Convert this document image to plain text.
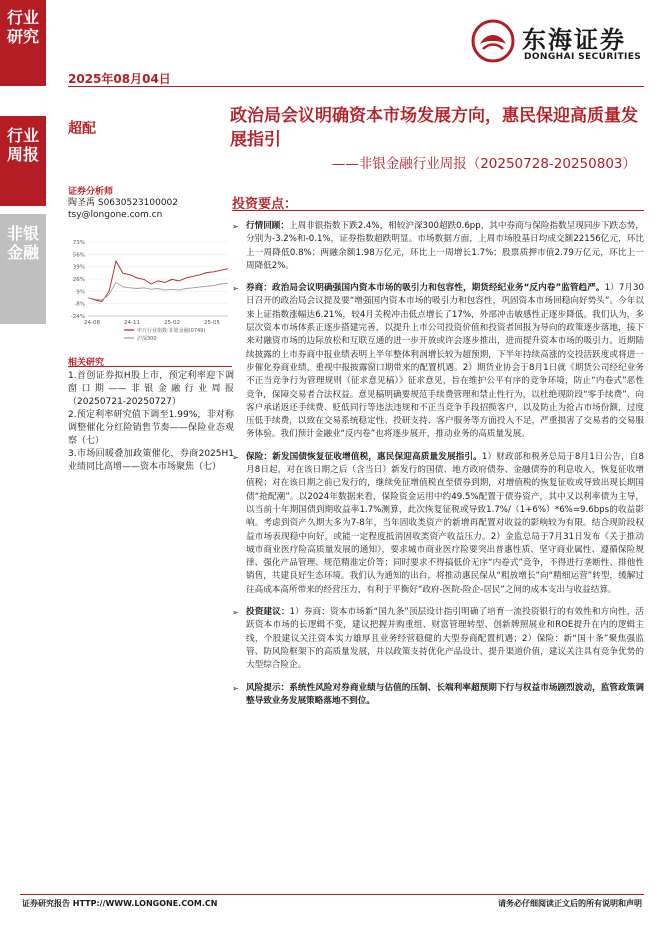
行业研究
行业周报
非银金融
东海证券
DONGHAI SECURITIES
2025年08月04日
超配
政治局会议明确资本市场发展方向，惠民保迎高质量发展指引
——非银金融行业周报（20250728-20250803）
证券分析师
陶圣禹 S0630523100002
tsy@longone.com.cn
73%
56%
39%
26%
9%
-8%
-24%
24-08	24-11	25-02	25-05
申万行业指数:非银金融(0749)
沪深300
相关研究
1.首创证券拟H股上市，预定利率迎下调窗口期——非银金融行业周报（20250721-20250727）
2.预定利率研究值下调至1.99%，非对称调整催化分红险销售节奏——保险业态观察（七）
3.市场回暖叠加政策催化，券商2025H1业绩同比高增——资本市场聚焦（七）
投资要点：
➢ 行情回顾：上周非银指数下跌2.4%，相较沪深300超跌0.6pp，其中券商与保险指数呈现同步下跌态势，分别为-3.2%和-0.1%，证券指数超跌明显。市场数据方面，上周市场股基日均成交额22156亿元，环比上一周降低0.8%；两融余额1.98万亿元，环比上一周增长1.7%；股票质押市值2.79万亿元，环比上一周降低2%。
➢ 券商：政治局会议明确强国内资本市场的吸引力和包容性，期货经纪业务“反内卷”监管趋严。1）7月30日召开的政治局会议提及要“增强国内资本市场的吸引力和包容性，巩固资本市场回稳向好势头”。今年以来上证指数涨幅达6.21%，较4月关税冲击低点增长了17%，外部冲击敏感性正逐步降低。我们认为，多层次资本市场体系正逐步搭建完善，以提升上市公司投资价值和投资者回报为导向的政策逐步落地，接下来对融资市场的边际放松和互联互通的进一步开放或许会逐步推出，进而提升资本市场的吸引力。近期陆续披露的上市券商中报业绩表明上半年整体利润增长较为超预期，下半年持续高涨的交投活跃度或将进一步催化券商业绩，重视中报披露窗口期带来的配置机遇。2）期货业协会于8月1日就《期货公司经纪业务不正当竞争行为管理规则（征求意见稿）》征求意见，旨在维护公平有序的竞争环境，防止“内卷式”恶性竞争，保障交易者合法权益。意见稿明确要规范手续费管理和禁止性行为，以杜绝现阶段“零手续费”、向客户承诺返还手续费、贬低同行等违法违规和不正当竞争手段招揽客户，以及防止为抢占市场份额，过度压低手续费，以致在交易系统稳定性、投研支持、客户服务等方面投入不足，严重损害了交易者的交易服务体验。我们预计金融业“反内卷”也将逐步展开，推动业务的高质量发展。
➢ 保险：新发国债恢复征收增值税，惠民保迎高质量发展指引。1）财政部和税务总局于8月1日公告，自8月8日起，对在该日期之后（含当日）新发行的国债、地方政府债券、金融债券的利息收入，恢复征收增值税；对在该日期之前已发行的，继续免征增值税直至债券到期，对增值税的恢复征收或导致出现长期国债“抢配潮”。以2024年数据来看，保险资金运用中约49.5%配置于债券资产，其中又以利率债为主导，以当前十年期国债到期收益率1.7%测算，此次恢复征税或导致1.7%/（1+6%）*6%=9.6bps的收益影响。考虑到资产久期大多为7-8年，当年固收类资产的新增再配置对收益的影响较为有限。结合现阶段权益市场表现稳中向好，或能一定程度抵消固收类资产收益压力。2）金监总局于7月31日发布《关于推动城市商业医疗险高质量发展的通知》，要求城市商业医疗险要突出普惠性质、坚守商业属性、遵循保险规律、强化产品管理、规范精准定价等；同时要求不得搞低价无序“内卷式”竞争，不得进行垄断性、排他性销售，共建良好生态环境。我们认为通知的出台，将推动惠民保从“粗放增长”向“精细运营”转型，缓解过往高成本高所带来的经营压力，有利于平衡好“政府-医院-险企-居民”之间的成本支出与收益结算。
➢ 投资建议：1）券商：资本市场新“国九条”顶层设计指引明确了培育一流投资银行的有效性和方向性，活跃资本市场的长逻辑不变，建议把握并购重组、财富管理转型、创新牌照展业和ROE提升在内的逻辑主线，个股建议关注资本实力雄厚且业务经营稳健的大型券商配置机遇；2）保险：新“国十条”聚焦强监管、防风险框架下的高质量发展，并以政策支持优化产品设计、提升渠道价值，建议关注具有竞争优势的大型综合险企。
➢ 风险提示：系统性风险对券商业绩与估值的压制、长端利率超预期下行与权益市场剧烈波动，监管政策调整导致业务发展策略落地不到位。
证券研究报告 HTTP://WWW.LONGONE.COM.CN	请务必仔细阅读正文后的所有说明和声明
